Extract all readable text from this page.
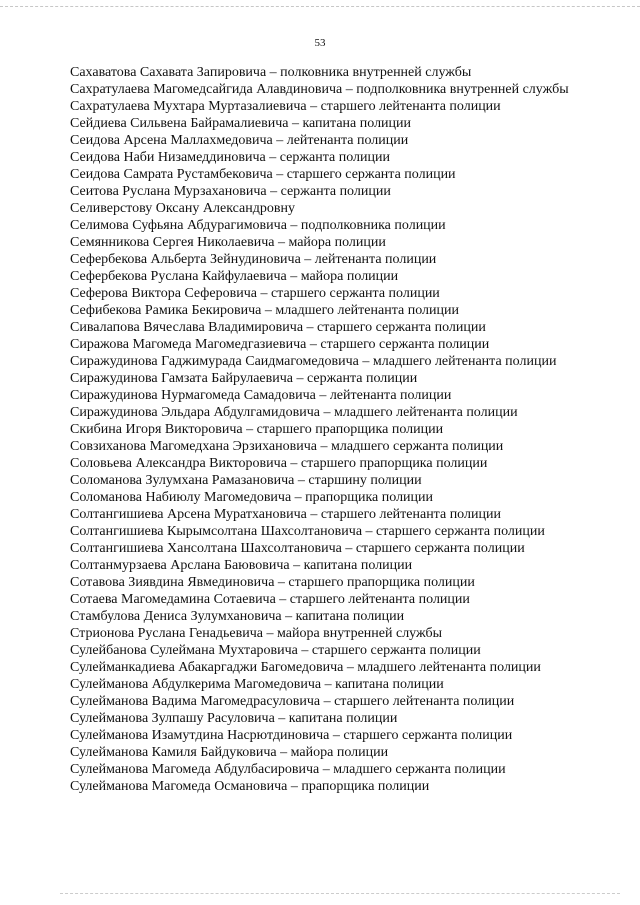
53
Сахаватова Сахавата Запировича – полковника внутренней службы
Сахратулаева Магомедсайгида Алавдиновича – подполковника внутренней службы
Сахратулаева Мухтара Муртазалиевича – старшего лейтенанта полиции
Сейдиева Сильвена Байрамалиевича – капитана полиции
Сеидова Арсена Маллахмедовича – лейтенанта полиции
Сеидова Наби Низамеддиновича – сержанта полиции
Сеидова Самрата Рустамбековича – старшего сержанта полиции
Сеитова Руслана Мурзахановича – сержанта полиции
Селиверстову Оксану Александровну
Селимова Суфьяна Абдурагимовича – подполковника полиции
Семянникова Сергея Николаевича – майора полиции
Сефербекова Альберта Зейнудиновича – лейтенанта полиции
Сефербекова Руслана Кайфулаевича – майора полиции
Сеферова Виктора Сеферовича – старшего сержанта полиции
Сефибекова Рамика Бекировича – младшего лейтенанта полиции
Сивалапова Вячеслава Владимировича – старшего сержанта полиции
Сиражова Магомеда Магомедгазиевича – старшего сержанта полиции
Сиражудинова Гаджимурада Саидмагомедовича – младшего лейтенанта полиции
Сиражудинова Гамзата Байрулаевича – сержанта полиции
Сиражудинова Нурмагомеда Самадовича – лейтенанта полиции
Сиражудинова Эльдара Абдулгамидовича – младшего лейтенанта полиции
Скибина Игоря Викторовича – старшего прапорщика полиции
Совзиханова Магомедхана Эрзихановича – младшего сержанта полиции
Соловьева Александра Викторовича – старшего прапорщика полиции
Соломанова Зулумхана Рамазановича – старшину полиции
Соломанова Набиюлу Магомедовича – прапорщика полиции
Солтангишиева Арсена Муратхановича – старшего лейтенанта полиции
Солтангишиева Кырымсолтана Шахсолтановича – старшего сержанта полиции
Солтангишиева Хансолтана Шахсолтановича – старшего сержанта полиции
Солтанмурзаева Арслана Баювовича – капитана полиции
Сотавова Зиявдина Явмединовича – старшего прапорщика полиции
Сотаева Магомедамина Сотаевича – старшего лейтенанта полиции
Стамбулова Дениса Зулумхановича – капитана полиции
Стрионова Руслана Генадьевича – майора внутренней службы
Сулейбанова Сулеймана Мухтаровича – старшего сержанта полиции
Сулейманкадиева Абакаргаджи Багомедовича – младшего лейтенанта полиции
Сулейманова Абдулкерима Магомедовича – капитана полиции
Сулейманова Вадима Магомедрасуловича – старшего лейтенанта полиции
Сулейманова Зулпашу Расуловича – капитана полиции
Сулейманова Изамутдина Насрютдиновича – старшего сержанта полиции
Сулейманова Камиля Байдуковича – майора полиции
Сулейманова Магомеда Абдулбасировича – младшего сержанта полиции
Сулейманова Магомеда Османовича – прапорщика полиции
